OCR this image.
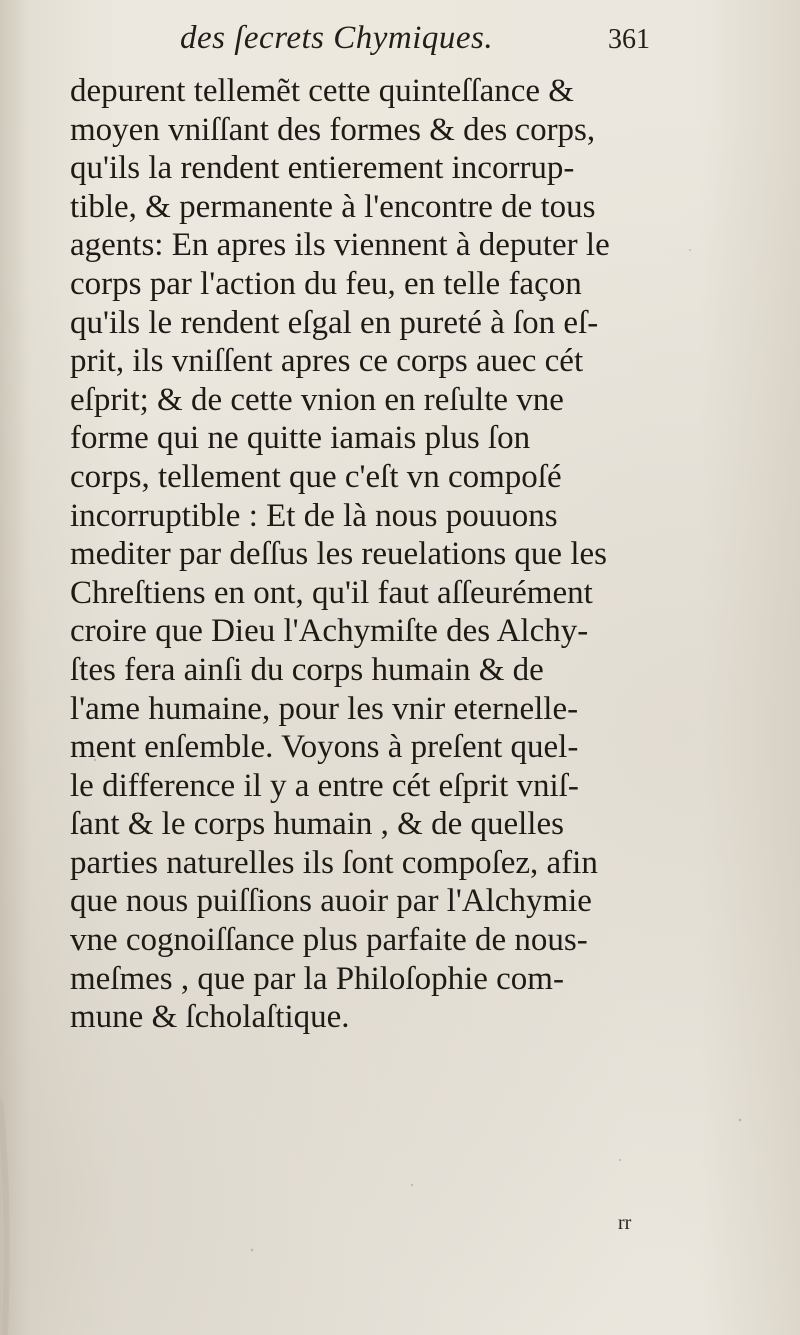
des ſecrets Chymiques.	361
depurent tellemẽt cette quinteſſance &
moyen vniſſant des formes & des corps,
qu'ils la rendent entierement incorrup-
tible, & permanente à l'encontre de tous
agents: En apres ils viennent à deputer le
corps par l'action du feu, en telle façon
qu'ils le rendent eſgal en pureté à ſon eſ-
prit, ils vniſſent apres ce corps auec cét
eſprit; & de cette vnion en reſulte vne
forme qui ne quitte iamais plus ſon
corps, tellement que c'eſt vn compoſé
incorruptible : Et de là nous pouuons
mediter par deſſus les reuelations que les
Chreſtiens en ont, qu'il faut aſſeurément
croire que Dieu l'Achymiſte des Alchy-
ſtes fera ainſi du corps humain & de
l'ame humaine, pour les vnir eternelle-
ment enſemble. Voyons à preſent quel-
le difference il y a entre cét eſprit vniſ-
ſant & le corps humain , & de quelles
parties naturelles ils ſont compoſez, afin
que nous puiſſions auoir par l'Alchymie
vne cognoiſſance plus parfaite de nous-
meſmes , que par la Philoſophie com-
mune & ſcholaſtique.
rr
